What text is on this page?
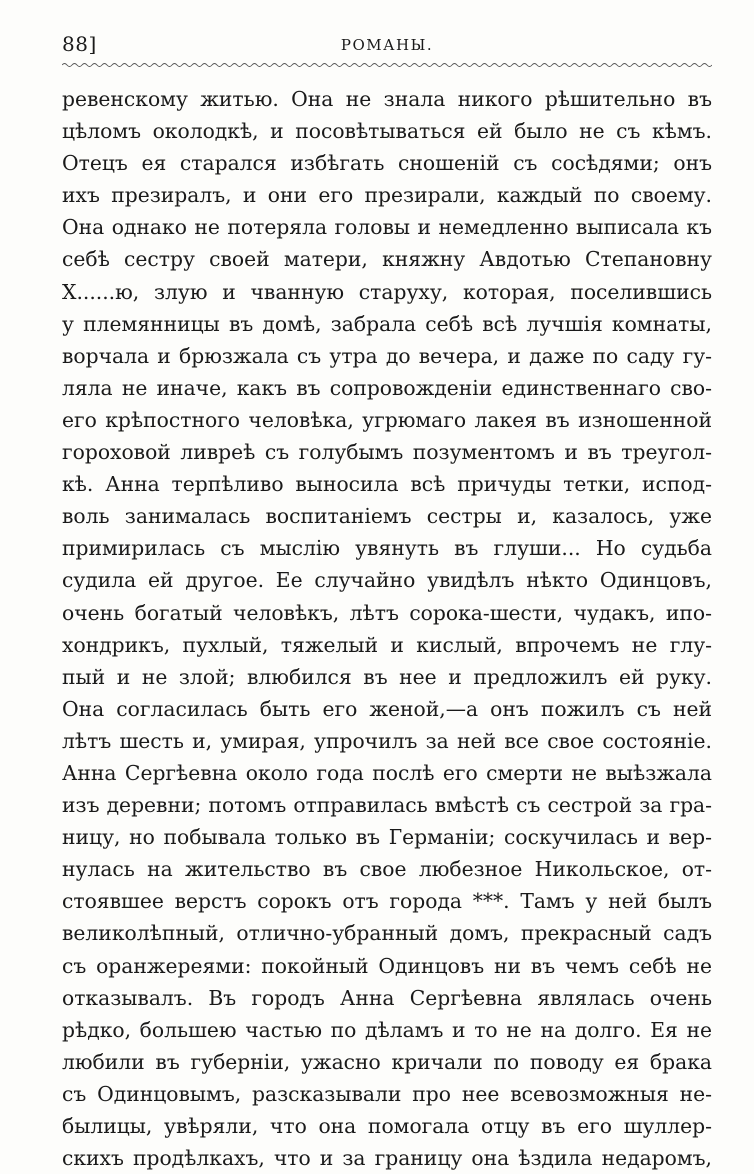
88]	РОМАНЫ.
ревенскому житью. Она не знала никого рѣшительно въ
цѣломъ околодкѣ, и посовѣтываться ей было не съ кѣмъ.
Отецъ ея старался избѣгать сношеній съ сосѣдями; онъ
ихъ презиралъ, и они его презирали, каждый по своему.
Она однако не потеряла головы и немедленно выписала къ
себѣ сестру своей матери, княжну Авдотью Степановну
Х......ю, злую и чванную старуху, которая, поселившись
у племянницы въ домѣ, забрала себѣ всѣ лучшія комнаты,
ворчала и брюзжала съ утра до вечера, и даже по саду гу-
ляла не иначе, какъ въ сопровожденіи единственнаго сво-
его крѣпостного человѣка, угрюмаго лакея въ изношенной
гороховой ливреѣ съ голубымъ позументомъ и въ треугол-
кѣ. Анна терпѣливо выносила всѣ причуды тетки, испод-
воль занималась воспитаніемъ сестры и, казалось, уже
примирилась съ мыслію увянуть въ глуши... Но судьба
судила ей другое. Ее случайно увидѣлъ нѣкто Одинцовъ,
очень богатый человѣкъ, лѣтъ сорока-шести, чудакъ, ипо-
хондрикъ, пухлый, тяжелый и кислый, впрочемъ не глу-
пый и не злой; влюбился въ нее и предложилъ ей руку.
Она согласилась быть его женой,—а онъ пожилъ съ ней
лѣтъ шесть и, умирая, упрочилъ за ней все свое состояніе.
Анна Сергѣевна около года послѣ его смерти не выѣзжала
изъ деревни; потомъ отправилась вмѣстѣ съ сестрой за гра-
ницу, но побывала только въ Германіи; соскучилась и вер-
нулась на жительство въ свое любезное Никольское, от-
стоявшее верстъ сорокъ отъ города ***. Тамъ у ней былъ
великолѣпный, отлично-убранный домъ, прекрасный садъ
съ оранжереями: покойный Одинцовъ ни въ чемъ себѣ не
отказывалъ. Въ городъ Анна Сергѣевна являлась очень
рѣдко, большею частью по дѣламъ и то не на долго. Ея не
любили въ губерніи, ужасно кричали по поводу ея брака
съ Одинцовымъ, разсказывали про нее всевозможныя не-
былицы, увѣряли, что она помогала отцу въ его шуллер-
скихъ продѣлкахъ, что и за границу она ѣздила недаромъ,
